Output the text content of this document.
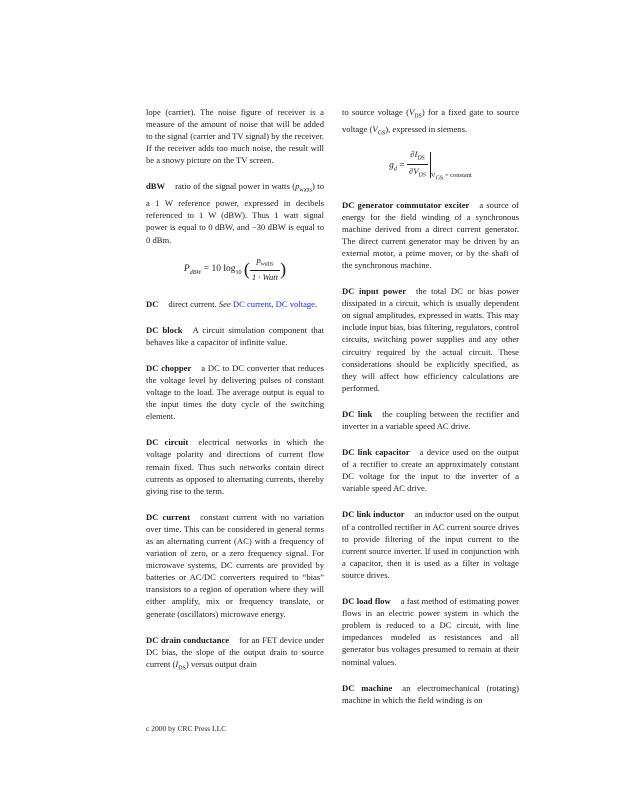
lope (carrier). The noise figure of receiver is a measure of the amount of noise that will be added to the signal (carrier and TV signal) by the receiver. If the receiver adds too much noise, the result will be a snowy picture on the TV screen.

dBW ratio of the signal power in watts $(p_{watts})$ to a 1 W reference power, expressed in decibels referenced to 1 W (dBW). Thus 1 watt signal power is equal to 0 dBW, and −30 dBW is equal to 0 dBm.

$P_{dBW} = 10$ $\log_{10}$ ( $\frac{p_{watts}}{\text{1 · Watt}}$ )

DC direct current. See DC current, DC voltage.

DC block A circuit simulation component that behaves like a capacitor of infinite value.

DC chopper a DC to DC converter that reduces the voltage level by delivering pulses of constant voltage to the load. The average output is equal to the input times the duty cycle of the switching element.

DC circuit electrical networks in which the voltage polarity and directions of current flow remain fixed. Thus such networks contain direct currents as opposed to alternating currents, thereby giving rise to the term.

DC current constant current with no variation over time. This can be considered in general terms as an alternating current (AC) with a frequency of variation of zero, or a zero frequency signal. For microwave systems, DC currents are provided by batteries or AC/DC converters required to “bias” transistors to a region of operation where they will either amplify, mix or frequency translate, or generate (oscillators) microwave energy.

DC drain conductance for an FET device under DC bias, the slope of the output drain to source current $(I_{DS})$ versus output drain

to source voltage $(V_{DS})$ for a fixed gate to source voltage $(V_{GS})$, expressed in siemens.

$g_d = \frac{\partial I_{DS}}{\partial V_{DS}} _{V_{GS} = constant}$

DC generator commutator exciter a source of energy for the field winding of a synchronous machine derived from a direct current generator. The direct current generator may be driven by an external motor, a prime mover, or by the shaft of the synchronous machine.

DC input power the total DC or bias power dissipated in a circuit, which is usually dependent on signal amplitudes, expressed in watts. This may include input bias, bias filtering, regulators, control circuits, switching power supplies and any other circuitry required by the actual circuit. These considerations should be explicitly specified, as they will affect how efficiency calculations are performed.

DC link the coupling between the rectifier and inverter in a variable speed AC drive.

DC link capacitor a device used on the output of a rectifier to create an approximately constant DC voltage for the input to the inverter of a variable speed AC drive.

DC link inductor an inductor used on the output of a controlled rectifier in AC current source drives to provide filtering of the input current to the current source inverter. If used in conjunction with a capacitor, then it is used as a filter in voltage source drives.

DC load flow a fast method of estimating power flows in an electric power system in which the problem is reduced to a DC circuit, with line impedances modeled as resistances and all generator bus voltages presumed to remain at their nominal values.

DC machine an electromechanical (rotating) machine in which the field winding is on

c 2000 by CRC Press LLC
